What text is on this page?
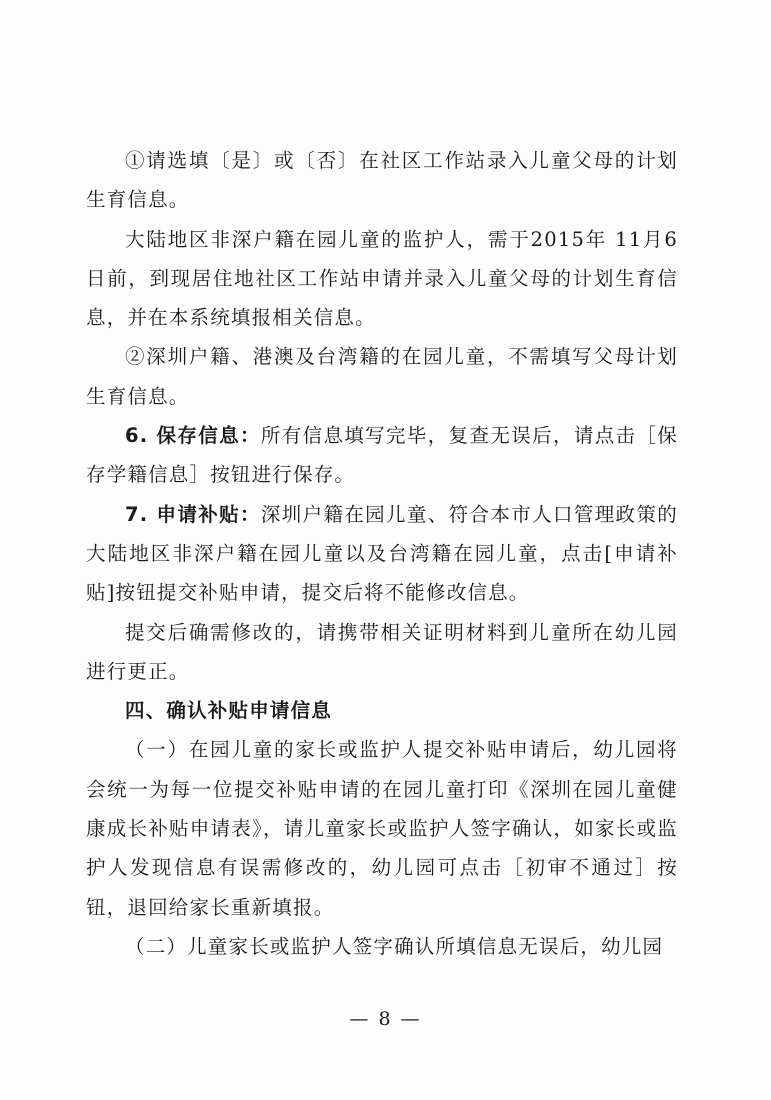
①请选填〔是〕或〔否〕在社区工作站录入儿童父母的计划生育信息。

大陆地区非深户籍在园儿童的监护人，需于2015年 11月6日前，到现居住地社区工作站申请并录入儿童父母的计划生育信息，并在本系统填报相关信息。

②深圳户籍、港澳及台湾籍的在园儿童，不需填写父母计划生育信息。

6. 保存信息：所有信息填写完毕，复查无误后，请点击［保存学籍信息］按钮进行保存。

7. 申请补贴：深圳户籍在园儿童、符合本市人口管理政策的大陆地区非深户籍在园儿童以及台湾籍在园儿童，点击[申请补贴]按钮提交补贴申请，提交后将不能修改信息。

提交后确需修改的，请携带相关证明材料到儿童所在幼儿园进行更正。

四、确认补贴申请信息

（一）在园儿童的家长或监护人提交补贴申请后，幼儿园将会统一为每一位提交补贴申请的在园儿童打印《深圳在园儿童健康成长补贴申请表》，请儿童家长或监护人签字确认，如家长或监护人发现信息有误需修改的，幼儿园可点击［初审不通过］按钮，退回给家长重新填报。

（二）儿童家长或监护人签字确认所填信息无误后，幼儿园

— 8 —
